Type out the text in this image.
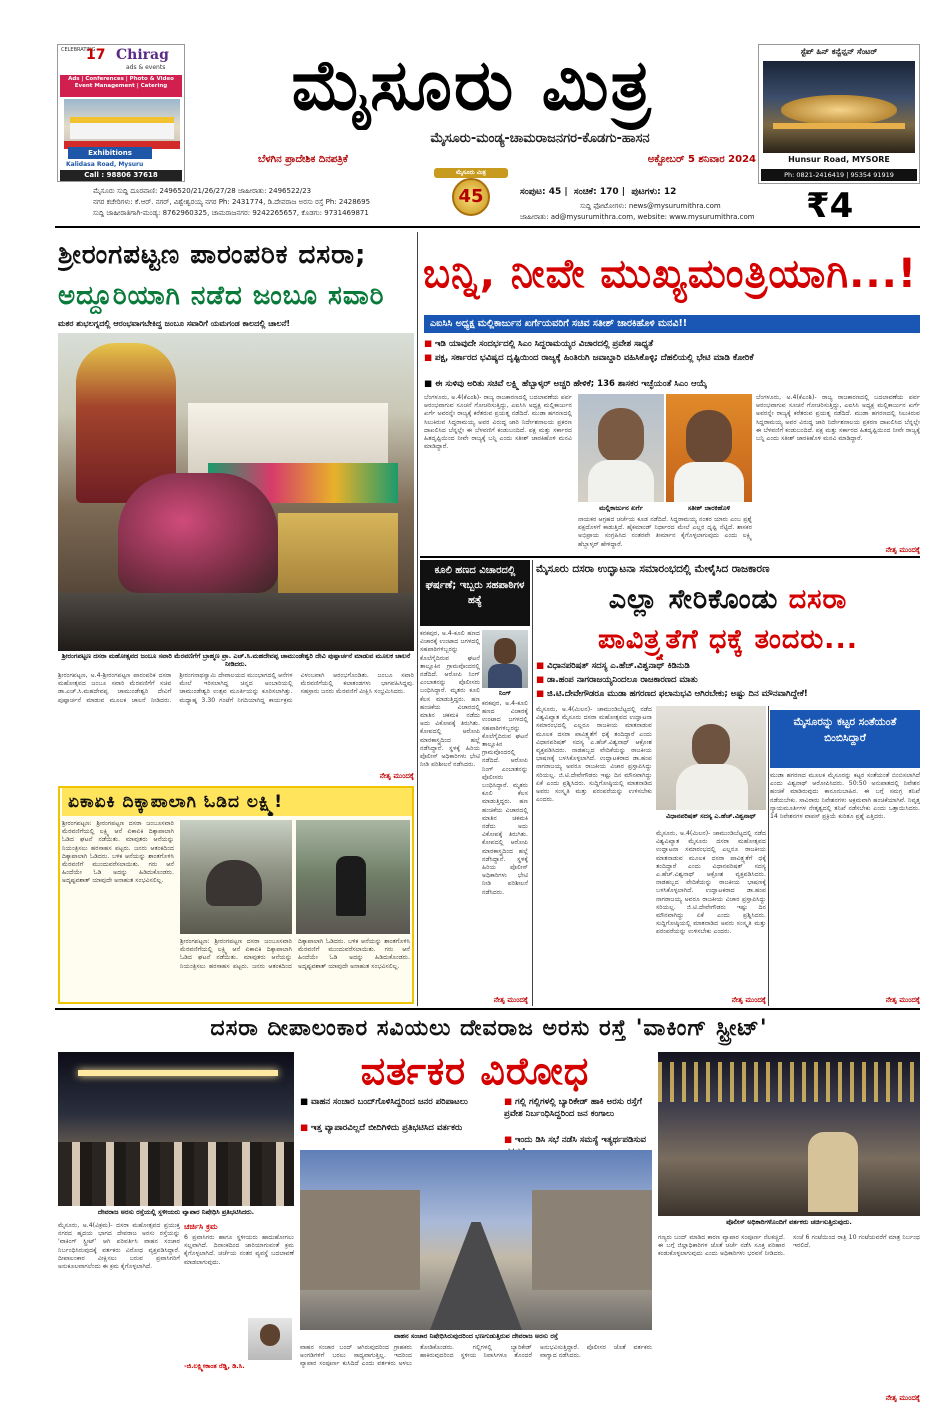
CELEBRATING
17 Chirag
ads & events
Ads | Conferences | Photo & Video Event Management | Catering
Exhibitions
Kalidasa Road, Mysuru
Call : 98806 37618
ಮೈಸೂರು ಮಿತ್ರ
ಮೈಸೂರು-ಮಂಡ್ಯ-ಚಾಮರಾಜನಗರ-ಕೊಡಗು-ಹಾಸನ
ಬೆಳಗಿನ ಪ್ರಾದೇಶಿಕ ದಿನಪತ್ರಿಕೆ	ಅಕ್ಟೋಬರ್ 5 ಶನಿವಾರ 2024
ಸ್ಟೆಪ್ ಹಿನ್ ಕನ್ವೆನ್ಷನ್ ಸೆಂಟರ್
Hunsur Road, MYSORE
Ph: 0821-2416419 | 95354 91919
ಮೈಸೂರು ಸುದ್ದಿ ದೂರವಾಣಿ: 2496520/21/26/27/28 ಜಾಹೀರಾತು: 2496522/23
ನಗರ ಕಚೇರಿಗಳು: ಕೆ.ಆರ್. ನಗರ್, ವಿಶ್ವೇಶ್ವರಯ್ಯ ನಗರ Ph: 2431774, ಡಿ.ದೇವರಾಜ ಅರಸು ರಸ್ತೆ Ph: 2428695
ಸುದ್ದಿ ಜಾಹೀರಾತಿಗಾಗಿ-ಮಂಡ್ಯ: 8762960325, ಚಾಮರಾಜನಗರ: 9242265657, ಕೊಡಗು: 9731469871
ಮೈಸೂರು ಮಿತ್ರ
45	ಸಂಪುಟ: 45 |  ಸಂಚಿಕೆ: 170 |  ಪುಟಗಳು: 12
ಸುದ್ದಿ ಫೋಟೋಗಳು: news@mysurumithra.com
ಜಾಹೀರಾತು: ad@mysurumithra.com, website: www.mysurumithra.com	₹4
ಶ್ರೀರಂಗಪಟ್ಟಣ ಪಾರಂಪರಿಕ ದಸರಾ;
ಅದ್ದೂರಿಯಾಗಿ ನಡೆದ ಜಂಬೂ ಸವಾರಿ
ಮಕರ ಶುಭಲಗ್ನದಲ್ಲಿ ಆರಂಭವಾಗಬೇಕಿದ್ದ ಜಂಬೂ ಸವಾರಿಗೆ ಯಮಗಂಡ ಕಾಲದಲ್ಲಿ ಚಾಲನೆ!
ಶ್ರೀರಂಗಪಟ್ಟಣ ದಸರಾ ಮಹೋತ್ಸವದ ಜಂಬೂ ಸವಾರಿ ಮೆರವಣಿಗೆಗೆ ಬ್ರಾಹ್ಮಣ ಪ್ರಾ. ಎಚ್.ಸಿ.ಮಹದೇವಪ್ಪ ಚಾಮುಂಡೇಶ್ವರಿ ದೇವಿ ಪುಷ್ಪಾರ್ಚನೆ ಮಾಡುವ ಮೂಲಕ ಚಾಲನೆ ನೀಡಿದರು.
ಶ್ರೀರಂಗಪಟ್ಟಣ, ಅ.4-ಶ್ರೀರಂಗಪಟ್ಟಣ ಪಾರಂಪರಿಕ ದಸರಾ ಮಹೋತ್ಸವದ ಜಂಬೂ ಸವಾರಿ ಮೆರವಣಿಗೆಗೆ ಸಚಿವ ಡಾ.ಎಚ್.ಸಿ.ಮಹದೇವಪ್ಪ ಚಾಮುಂಡೇಶ್ವರಿ ದೇವಿಗೆ ಪುಷ್ಪಾರ್ಚನೆ ಮಾಡುವ ಮೂಲಕ ಚಾಲನೆ ನೀಡಿದರು. ಶ್ರೀರಂಗನಾಥಸ್ವಾಮಿ ದೇವಾಲಯದ ಮುಂಭಾಗದಲ್ಲಿ ಆನೆಗಳ ಮೇಲೆ ಇರಿಸಲಾಗಿದ್ದ ಚಿನ್ನದ ಅಂಬಾರಿಯಲ್ಲಿ ಚಾಮುಂಡೇಶ್ವರಿ ಉತ್ಸವ ಮೂರ್ತಿಯನ್ನು ಕೂರಿಸಲಾಗಿತ್ತು. ಮಧ್ಯಾಹ್ನ 3.30 ಗಂಟೆಗೆ ನಿಗದಿಯಾಗಿದ್ದ ಕಾರ್ಯಕ್ರಮ ವಿಳಂಬವಾಗಿ ಆರಂಭಗೊಂಡಿತು. ಜಂಬೂ ಸವಾರಿ ಮೆರವಣಿಗೆಯಲ್ಲಿ ಕಲಾತಂಡಗಳು ಭಾಗವಹಿಸಿದ್ದವು. ಸಹಸ್ರಾರು ಜನರು ಮೆರವಣಿಗೆ ವೀಕ್ಷಿಸಿ ಸಂಭ್ರಮಿಸಿದರು.
ನೇತೃ ಮುಂದಕ್ಕೆ
ಏಕಾಏಕಿ ದಿಕ್ಕಾಪಾಲಾಗಿ ಓಡಿದ ಲಕ್ಷ್ಮಿ!
ಶ್ರೀರಂಗಪಟ್ಟಣ: ಶ್ರೀರಂಗಪಟ್ಟಣ ದಸರಾ ಜಂಬೂಸವಾರಿ ಮೆರವಣಿಗೆಯಲ್ಲಿ ಲಕ್ಷ್ಮಿ ಆನೆ ಏಕಾಏಕಿ ದಿಕ್ಕಾಪಾಲಾಗಿ ಓಡಿದ ಘಟನೆ ನಡೆಯಿತು. ಮಾವುತರು ಆನೆಯನ್ನು ನಿಯಂತ್ರಿಸಲು ಹರಸಾಹಸ ಪಟ್ಟರು. ಜನರು ಆತಂಕದಿಂದ ದಿಕ್ಕಾಪಾಲಾಗಿ ಓಡಿದರು. ಬಳಿಕ ಆನೆಯನ್ನು ಶಾಂತಗೊಳಿಸಿ ಮೆರವಣಿಗೆ ಮುಂದುವರೆಸಲಾಯಿತು. ಗರು ಆನೆ ಹಿಂದೆಯೇ ಓಡಿ ಅದನ್ನು ಹಿಡಿದುಕೊಂಡರು. ಅದೃಷ್ಟವಶಾತ್ ಯಾವುದೇ ಅನಾಹುತ ಸಂಭವಿಸಲಿಲ್ಲ.
ಶ್ರೀರಂಗಪಟ್ಟಣ: ಶ್ರೀರಂಗಪಟ್ಟಣ ದಸರಾ ಜಂಬೂಸವಾರಿ ಮೆರವಣಿಗೆಯಲ್ಲಿ ಲಕ್ಷ್ಮಿ ಆನೆ ಏಕಾಏಕಿ ದಿಕ್ಕಾಪಾಲಾಗಿ ಓಡಿದ ಘಟನೆ ನಡೆಯಿತು. ಮಾವುತರು ಆನೆಯನ್ನು ನಿಯಂತ್ರಿಸಲು ಹರಸಾಹಸ ಪಟ್ಟರು. ಜನರು ಆತಂಕದಿಂದ ದಿಕ್ಕಾಪಾಲಾಗಿ ಓಡಿದರು. ಬಳಿಕ ಆನೆಯನ್ನು ಶಾಂತಗೊಳಿಸಿ ಮೆರವಣಿಗೆ ಮುಂದುವರೆಸಲಾಯಿತು. ಗರು ಆನೆ ಹಿಂದೆಯೇ ಓಡಿ ಅದನ್ನು ಹಿಡಿದುಕೊಂಡರು. ಅದೃಷ್ಟವಶಾತ್ ಯಾವುದೇ ಅನಾಹುತ ಸಂಭವಿಸಲಿಲ್ಲ.
ಬನ್ನಿ, ನೀವೇ ಮುಖ್ಯಮಂತ್ರಿಯಾಗಿ...!
ಎಐಸಿಸಿ ಅಧ್ಯಕ್ಷ ಮಲ್ಲಿಕಾರ್ಜುನ ಖರ್ಗೆಯವರಿಗೆ ಸಚಿವ ಸತೀಶ್ ಜಾರಕಿಹೊಳಿ ಮನವಿ!!
■ ಇಡಿ ಯಾವುದೇ ಸಂದರ್ಭದಲ್ಲಿ ಸಿಎಂ ಸಿದ್ದರಾಮಯ್ಯರ ವಿಚಾರದಲ್ಲಿ ಪ್ರವೇಶ ಸಾಧ್ಯತೆ
■ ಪಕ್ಷ, ಸರ್ಕಾರದ ಭವಿಷ್ಯದ ದೃಷ್ಟಿಯಿಂದ ರಾಜ್ಯಕ್ಕೆ ಹಿಂತಿರುಗಿ ಜವಾಬ್ದಾರಿ ವಹಿಸಿಕೊಳ್ಳಿ; ದೆಹಲಿಯಲ್ಲಿ ಭೇಟಿ ಮಾಡಿ ಕೋರಿಕೆ
■ ಈ ಸುಳಿವು ಅರಿತು ಸಚಿವೆ ಲಕ್ಷ್ಮಿ ಹೆಬ್ಬಾಳ್ಕರ್ ಅಚ್ಚರಿ ಹೇಳಿಕೆ; 136 ಶಾಸಕರ ಇಚ್ಛೆಯಂತೆ ಸಿಎಂ ಆಯ್ಕೆ
ಬೆಂಗಳೂರು, ಅ.4(ಕೆಎಂಶಿ)- ರಾಜ್ಯ ರಾಜಕಾರಣದಲ್ಲಿ ಬದಲಾವಣೆಯ ಪರ್ವ ಆರಂಭವಾಗುವ ಸೂಚನೆ ಗೋಚರಿಸುತ್ತಿದ್ದು, ಎಐಸಿಸಿ ಅಧ್ಯಕ್ಷ ಮಲ್ಲಿಕಾರ್ಜುನ ಖರ್ಗೆ ಅವರನ್ನೇ ರಾಜ್ಯಕ್ಕೆ ಕರೆತರುವ ಪ್ರಯತ್ನ ನಡೆದಿದೆ. ಮುಡಾ ಹಗರಣದಲ್ಲಿ ಸಿಲುಕಿರುವ ಸಿದ್ದರಾಮಯ್ಯ ಅವರ ವಿರುದ್ಧ ಜಾರಿ ನಿರ್ದೇಶನಾಲಯ ಪ್ರಕರಣ ದಾಖಲಿಸಿದ ಬೆನ್ನಲ್ಲೇ ಈ ಬೆಳವಣಿಗೆ ಕಂಡುಬಂದಿದೆ. ಪಕ್ಷ ಮತ್ತು ಸರ್ಕಾರದ ಹಿತದೃಷ್ಟಿಯಿಂದ ನೀವೇ ರಾಜ್ಯಕ್ಕೆ ಬನ್ನಿ ಎಂದು ಸತೀಶ್ ಜಾರಕಿಹೊಳಿ ಮನವಿ ಮಾಡಿದ್ದಾರೆ.
ಮಲ್ಲಿಕಾರ್ಜುನ ಖರ್ಗೆ	ಸತೀಶ್ ಜಾರಕಿಹೊಳಿ
ನಾಯಕರ ಆಗ್ರಹದ ಚರ್ಚೆಯ ಕೂಡ ನಡೆದಿದೆ. ಸಿದ್ದರಾಮಯ್ಯ ನಂತರ ಯಾರು ಎಂಬ ಪ್ರಶ್ನೆ ಪಕ್ಷದೊಳಗೆ ಕಾಡುತ್ತಿದೆ. ಹೈಕಮಾಂಡ್ ನಿರ್ಧಾರದ ಮೇಲೆ ಎಲ್ಲರ ದೃಷ್ಟಿ ನೆಟ್ಟಿದೆ. ಶಾಸಕರ ಅಭಿಪ್ರಾಯ ಸಂಗ್ರಹಿಸಿದ ನಂತರವೇ ತೀರ್ಮಾನ ಕೈಗೊಳ್ಳಲಾಗುವುದು ಎಂದು ಲಕ್ಷ್ಮಿ ಹೆಬ್ಬಾಳ್ಕರ್ ಹೇಳಿದ್ದಾರೆ.
ಬೆಂಗಳೂರು, ಅ.4(ಕೆಎಂಶಿ)- ರಾಜ್ಯ ರಾಜಕಾರಣದಲ್ಲಿ ಬದಲಾವಣೆಯ ಪರ್ವ ಆರಂಭವಾಗುವ ಸೂಚನೆ ಗೋಚರಿಸುತ್ತಿದ್ದು, ಎಐಸಿಸಿ ಅಧ್ಯಕ್ಷ ಮಲ್ಲಿಕಾರ್ಜುನ ಖರ್ಗೆ ಅವರನ್ನೇ ರಾಜ್ಯಕ್ಕೆ ಕರೆತರುವ ಪ್ರಯತ್ನ ನಡೆದಿದೆ. ಮುಡಾ ಹಗರಣದಲ್ಲಿ ಸಿಲುಕಿರುವ ಸಿದ್ದರಾಮಯ್ಯ ಅವರ ವಿರುದ್ಧ ಜಾರಿ ನಿರ್ದೇಶನಾಲಯ ಪ್ರಕರಣ ದಾಖಲಿಸಿದ ಬೆನ್ನಲ್ಲೇ ಈ ಬೆಳವಣಿಗೆ ಕಂಡುಬಂದಿದೆ. ಪಕ್ಷ ಮತ್ತು ಸರ್ಕಾರದ ಹಿತದೃಷ್ಟಿಯಿಂದ ನೀವೇ ರಾಜ್ಯಕ್ಕೆ ಬನ್ನಿ ಎಂದು ಸತೀಶ್ ಜಾರಕಿಹೊಳಿ ಮನವಿ ಮಾಡಿದ್ದಾರೆ.
ನೇತೃ ಮುಂದಕ್ಕೆ
ಕೂಲಿ ಹಣದ ವಿಚಾರದಲ್ಲಿ ಘರ್ಷಣೆ; ಇಬ್ಬರು ಸಹಪಾಠಿಗಳ ಹತ್ಯೆ
ಕನಕಪುರ, ಅ.4-ಕೂಲಿ ಹಣದ ವಿಚಾರಕ್ಕೆ ಉಂಟಾದ ಜಗಳದಲ್ಲಿ ಸಹಪಾಠಿಗಳಿಬ್ಬರನ್ನು ಕೊಲೆಗೈದಿರುವ ಘಟನೆ ತಾಲ್ಲೂಕಿನ ಗ್ರಾಮವೊಂದರಲ್ಲಿ ನಡೆದಿದೆ. ಆರೋಪಿ ನಿಂಗ್ ಎಂಬಾತನನ್ನು ಪೊಲೀಸರು ಬಂಧಿಸಿದ್ದಾರೆ. ಮೃತರು ಕೂಲಿ ಕೆಲಸ ಮಾಡುತ್ತಿದ್ದರು. ಹಣ ಹಂಚಿಕೆಯ ವಿಚಾರದಲ್ಲಿ ಮಾತಿನ ಚಕಮಕಿ ನಡೆದು ಅದು ವಿಕೋಪಕ್ಕೆ ತಿರುಗಿತು. ಕೋಪದಲ್ಲಿ ಆರೋಪಿ ಮಾರಕಾಸ್ತ್ರದಿಂದ ಹಲ್ಲೆ ನಡೆಸಿದ್ದಾನೆ. ಸ್ಥಳಕ್ಕೆ ಹಿರಿಯ ಪೊಲೀಸ್ ಅಧಿಕಾರಿಗಳು ಭೇಟಿ ನೀಡಿ ಪರಿಶೀಲನೆ ನಡೆಸಿದರು.
ನಿಂಗ್
ಕನಕಪುರ, ಅ.4-ಕೂಲಿ ಹಣದ ವಿಚಾರಕ್ಕೆ ಉಂಟಾದ ಜಗಳದಲ್ಲಿ ಸಹಪಾಠಿಗಳಿಬ್ಬರನ್ನು ಕೊಲೆಗೈದಿರುವ ಘಟನೆ ತಾಲ್ಲೂಕಿನ ಗ್ರಾಮವೊಂದರಲ್ಲಿ ನಡೆದಿದೆ. ಆರೋಪಿ ನಿಂಗ್ ಎಂಬಾತನನ್ನು ಪೊಲೀಸರು ಬಂಧಿಸಿದ್ದಾರೆ. ಮೃತರು ಕೂಲಿ ಕೆಲಸ ಮಾಡುತ್ತಿದ್ದರು. ಹಣ ಹಂಚಿಕೆಯ ವಿಚಾರದಲ್ಲಿ ಮಾತಿನ ಚಕಮಕಿ ನಡೆದು ಅದು ವಿಕೋಪಕ್ಕೆ ತಿರುಗಿತು. ಕೋಪದಲ್ಲಿ ಆರೋಪಿ ಮಾರಕಾಸ್ತ್ರದಿಂದ ಹಲ್ಲೆ ನಡೆಸಿದ್ದಾನೆ. ಸ್ಥಳಕ್ಕೆ ಹಿರಿಯ ಪೊಲೀಸ್ ಅಧಿಕಾರಿಗಳು ಭೇಟಿ ನೀಡಿ ಪರಿಶೀಲನೆ ನಡೆಸಿದರು.
ನೇತೃ ಮುಂದಕ್ಕೆ
ಮೈಸೂರು ದಸರಾ ಉದ್ಘಾಟನಾ ಸಮಾರಂಭದಲ್ಲಿ ಮೇಳೈಸಿದ ರಾಜಕಾರಣ
ಎಲ್ಲಾ ಸೇರಿಕೊಂಡು ದಸರಾ
ಪಾವಿತ್ರ್ಯತೆಗೆ ಧಕ್ಕೆ ತಂದರು...
■ ವಿಧಾನಪರಿಷತ್ ಸದಸ್ಯ ಎ.ಹೆಚ್.ವಿಶ್ವನಾಥ್ ಕಿಡಿನುಡಿ
■ ಡಾ.ಹಂಪ ನಾಗರಾಜಯ್ಯನಿಂದಲೂ ರಾಜಕಾರಣದ ಮಾತು
■ ಜಿ.ಟಿ.ದೇವೇಗೌಡರೂ ಮುಡಾ ಹಗರಣದ ಫಲಾನುಭವಿ ಆಗಿರಬೇಕು; ಅಷ್ಟು ದಿನ ಮೌನವಾಗಿದ್ದೇಕೆ!
ಮೈಸೂರು, ಅ.4(ಮಿಲನ)- ಚಾಮುಂಡಿಬೆಟ್ಟದಲ್ಲಿ ನಡೆದ ವಿಶ್ವವಿಖ್ಯಾತ ಮೈಸೂರು ದಸರಾ ಮಹೋತ್ಸವದ ಉದ್ಘಾಟನಾ ಸಮಾರಂಭದಲ್ಲಿ ಎಲ್ಲರೂ ರಾಜಕೀಯ ಮಾತನಾಡುವ ಮೂಲಕ ದಸರಾ ಪಾವಿತ್ರ್ಯತೆಗೆ ಧಕ್ಕೆ ತಂದಿದ್ದಾರೆ ಎಂದು ವಿಧಾನಪರಿಷತ್ ಸದಸ್ಯ ಎ.ಹೆಚ್.ವಿಶ್ವನಾಥ್ ಆಕ್ರೋಶ ವ್ಯಕ್ತಪಡಿಸಿದರು. ನಾಡಹಬ್ಬದ ವೇದಿಕೆಯನ್ನು ರಾಜಕೀಯ ಭಾಷಣಕ್ಕೆ ಬಳಸಿಕೊಳ್ಳಲಾಗಿದೆ. ಉದ್ಘಾಟಕರಾದ ಡಾ.ಹಂಪ ನಾಗರಾಜಯ್ಯ ಅವರೂ ರಾಜಕೀಯ ವಿಚಾರ ಪ್ರಸ್ತಾಪಿಸಿದ್ದು ಸರಿಯಲ್ಲ. ಜಿ.ಟಿ.ದೇವೇಗೌಡರು ಇಷ್ಟು ದಿನ ಮೌನವಾಗಿದ್ದು ಏಕೆ ಎಂದು ಪ್ರಶ್ನಿಸಿದರು. ಸುದ್ದಿಗೋಷ್ಠಿಯಲ್ಲಿ ಮಾತನಾಡಿದ ಅವರು ಸಂಸ್ಕೃತಿ ಮತ್ತು ಪರಂಪರೆಯನ್ನು ಉಳಿಸಬೇಕು ಎಂದರು.
ವಿಧಾನಪರಿಷತ್ ಸದಸ್ಯ ಎ.ಹೆಚ್.ವಿಶ್ವನಾಥ್
ಮೈಸೂರು, ಅ.4(ಮಿಲನ)- ಚಾಮುಂಡಿಬೆಟ್ಟದಲ್ಲಿ ನಡೆದ ವಿಶ್ವವಿಖ್ಯಾತ ಮೈಸೂರು ದಸರಾ ಮಹೋತ್ಸವದ ಉದ್ಘಾಟನಾ ಸಮಾರಂಭದಲ್ಲಿ ಎಲ್ಲರೂ ರಾಜಕೀಯ ಮಾತನಾಡುವ ಮೂಲಕ ದಸರಾ ಪಾವಿತ್ರ್ಯತೆಗೆ ಧಕ್ಕೆ ತಂದಿದ್ದಾರೆ ಎಂದು ವಿಧಾನಪರಿಷತ್ ಸದಸ್ಯ ಎ.ಹೆಚ್.ವಿಶ್ವನಾಥ್ ಆಕ್ರೋಶ ವ್ಯಕ್ತಪಡಿಸಿದರು. ನಾಡಹಬ್ಬದ ವೇದಿಕೆಯನ್ನು ರಾಜಕೀಯ ಭಾಷಣಕ್ಕೆ ಬಳಸಿಕೊಳ್ಳಲಾಗಿದೆ. ಉದ್ಘಾಟಕರಾದ ಡಾ.ಹಂಪ ನಾಗರಾಜಯ್ಯ ಅವರೂ ರಾಜಕೀಯ ವಿಚಾರ ಪ್ರಸ್ತಾಪಿಸಿದ್ದು ಸರಿಯಲ್ಲ. ಜಿ.ಟಿ.ದೇವೇಗೌಡರು ಇಷ್ಟು ದಿನ ಮೌನವಾಗಿದ್ದು ಏಕೆ ಎಂದು ಪ್ರಶ್ನಿಸಿದರು. ಸುದ್ದಿಗೋಷ್ಠಿಯಲ್ಲಿ ಮಾತನಾಡಿದ ಅವರು ಸಂಸ್ಕೃತಿ ಮತ್ತು ಪರಂಪರೆಯನ್ನು ಉಳಿಸಬೇಕು ಎಂದರು.
ನೇತೃ ಮುಂದಕ್ಕೆ
ಮೈಸೂರನ್ನು ಕಟ್ಟರ ಸಂತೆಯಂತೆ ಬಿಂಬಿಸಿದ್ದಾರೆ
ಮುಡಾ ಹಗರಣದ ಮೂಲಕ ಮೈಸೂರನ್ನು ಕಟ್ಟರ ಸಂತೆಯಂತೆ ಬಿಂಬಿಸಲಾಗಿದೆ ಎಂದು ವಿಶ್ವನಾಥ್ ಆರೋಪಿಸಿದರು. 50:50 ಅನುಪಾತದಲ್ಲಿ ನಿವೇಶನ ಹಂಚಿಕೆ ಮಾಡಿರುವುದು ಕಾನೂನುಬಾಹಿರ. ಈ ಬಗ್ಗೆ ಸಮಗ್ರ ತನಿಖೆ ನಡೆಯಬೇಕು. ಸಾವಿರಾರು ನಿವೇಶನಗಳು ಅಕ್ರಮವಾಗಿ ಹಂಚಿಕೆಯಾಗಿವೆ. ನಿವೃತ್ತ ನ್ಯಾಯಮೂರ್ತಿಗಳ ನೇತೃತ್ವದಲ್ಲಿ ತನಿಖೆ ನಡೆಸಬೇಕು ಎಂದು ಒತ್ತಾಯಿಸಿದರು. 14 ನಿವೇಶನಗಳ ವಾಪಸ್ ಪ್ರಕ್ರಿಯೆ ಕುರಿತೂ ಪ್ರಶ್ನೆ ಎತ್ತಿದರು.
ನೇತೃ ಮುಂದಕ್ಕೆ
ದಸರಾ ದೀಪಾಲಂಕಾರ ಸವಿಯಲು ದೇವರಾಜ ಅರಸು ರಸ್ತೆ 'ವಾಕಿಂಗ್ ಸ್ಟ್ರೀಟ್'
ವರ್ತಕರ ವಿರೋಧ
ದೇವರಾಜ ಅರಸು ರಸ್ತೆಯಲ್ಲಿ ಸ್ಥಳೀಯರು ವ್ಯಾಪಾರ ನಿಷೇಧಿಸಿ ಪ್ರತಿಭಟಿಸಿದರು.
■ ವಾಹನ ಸಂಚಾರ ಬಂದ್‌ಗೊಳಿಸಿದ್ದರಿಂದ ಜನರ ಪರಿಪಾಟಲು
■	ಗಲ್ಲಿ ಗಲ್ಲಿಗಳಲ್ಲಿ ಬ್ಯಾರಿಕೇಡ್ ಹಾಕಿ ಅರಸು ರಸ್ತೆಗೆ ಪ್ರವೇಶ ನಿರ್ಬಂಧಿಸಿದ್ದರಿಂದ ಜನ ಕಂಗಾಲು
■ ಇತ್ತ ವ್ಯಾಪಾರವಿಲ್ಲದೆ ಬೀದಿಗಿಳಿದು ಪ್ರತಿಭಟಿಸಿದ ವರ್ತಕರು
■ ಇಂದು ಡಿಸಿ ಸಭೆ ನಡೆಸಿ ಸಮಸ್ಯೆ ಇತ್ಯರ್ಥಪಡಿಸುವ
ವಾಹನ ಸಂಚಾರ ನಿಷೇಧಿಸಿರುವುದರಿಂದ ಭಣಗುಡುತ್ತಿರುವ ದೇವರಾಜ ಅರಸು ರಸ್ತೆ
ಪೊಲೀಸ್ ಅಧಿಕಾರಿಗಳೊಂದಿಗೆ ವರ್ತಕರು ಚರ್ಚಿಸುತ್ತಿರುವುದು.
ಮೈಸೂರು, ಅ.4(ವಿಕ್ರಮ)- ದಸರಾ ಮಹೋತ್ಸವದ ಪ್ರಯುಕ್ತ ನಗರದ ಹೃದಯ ಭಾಗದ ದೇವರಾಜ ಅರಸು ರಸ್ತೆಯನ್ನು 'ವಾಕಿಂಗ್ ಸ್ಟ್ರೀಟ್' ಆಗಿ ಪರಿವರ್ತಿಸಿ ವಾಹನ ಸಂಚಾರ ನಿರ್ಬಂಧಿಸಿರುವುದಕ್ಕೆ ವರ್ತಕರು ವಿರೋಧ ವ್ಯಕ್ತಪಡಿಸಿದ್ದಾರೆ. ದೀಪಾಲಂಕಾರ ವೀಕ್ಷಿಸಲು ಬರುವ ಪ್ರವಾಸಿಗರಿಗೆ ಅನುಕೂಲವಾಗಲೆಂದು ಈ ಕ್ರಮ ಕೈಗೊಳ್ಳಲಾಗಿದೆ.
ಚರ್ಚಿಸಿ ಕ್ರಮ
6 ಪ್ರವಾಸಿಗರು ಹಾಗೂ ಸ್ಥಳೀಯರು ಹಾದುಹೋಗಲು ಸಲ್ಲವಾಗಿದೆ. ದಿನಾಂಕದಿಂದ ಜಾರಿಯಾಗುವಂತೆ ಕ್ರಮ ಕೈಗೊಳ್ಳಲಾಗಿದೆ. ಚರ್ಚೆಯ ನಂತರ ವ್ಯವಸ್ಥೆ ಬದಲಾವಣೆ ಮಾಡಲಾಗುವುದು.
-ಜಿ.ಲಕ್ಷ್ಮೀಕಾಂತ ರೆಡ್ಡಿ, ಡಿ.ಸಿ.
ವಾಹನ ಸಂಚಾರ ಬಂದ್ ಆಗಿರುವುದರಿಂದ ಗ್ರಾಹಕರು ಅಂಗಡಿಗಳಿಗೆ ಬರಲು ಸಾಧ್ಯವಾಗುತ್ತಿಲ್ಲ. ಇದರಿಂದ ವ್ಯಾಪಾರ ಸಂಪೂರ್ಣ ಕುಸಿದಿದೆ ಎಂದು ವರ್ತಕರು ಅಳಲು ತೋಡಿಕೊಂಡರು. ಗಲ್ಲಿಗಳಲ್ಲಿ ಬ್ಯಾರಿಕೇಡ್ ಹಾಕಿರುವುದರಿಂದ ಸ್ಥಳೀಯ ನಿವಾಸಿಗಳೂ ತೊಂದರೆ ಅನುಭವಿಸುತ್ತಿದ್ದಾರೆ. ಪೊಲೀಸರ ಜೊತೆ ವರ್ತಕರು ವಾಗ್ವಾದ ನಡೆಸಿದರು.
ಗಣ್ಯರು ಬಂದ್ ಮಾಡಿದ ಕಾರಣ ವ್ಯಾಪಾರ ಸಂಪೂರ್ಣ ನೆಲಕಚ್ಚಿದೆ. ಈ ಬಗ್ಗೆ ಜಿಲ್ಲಾಧಿಕಾರಿಗಳ ಜೊತೆ ಚರ್ಚೆ ನಡೆಸಿ ಸೂಕ್ತ ಪರಿಹಾರ ಕಂಡುಕೊಳ್ಳಲಾಗುವುದು ಎಂದು ಅಧಿಕಾರಿಗಳು ಭರವಸೆ ನೀಡಿದರು. ಸಂಜೆ 6 ಗಂಟೆಯಿಂದ ರಾತ್ರಿ 10 ಗಂಟೆಯವರೆಗೆ ಮಾತ್ರ ನಿರ್ಬಂಧ ಇರಲಿದೆ.
ನೇತೃ ಮುಂದಕ್ಕೆ
